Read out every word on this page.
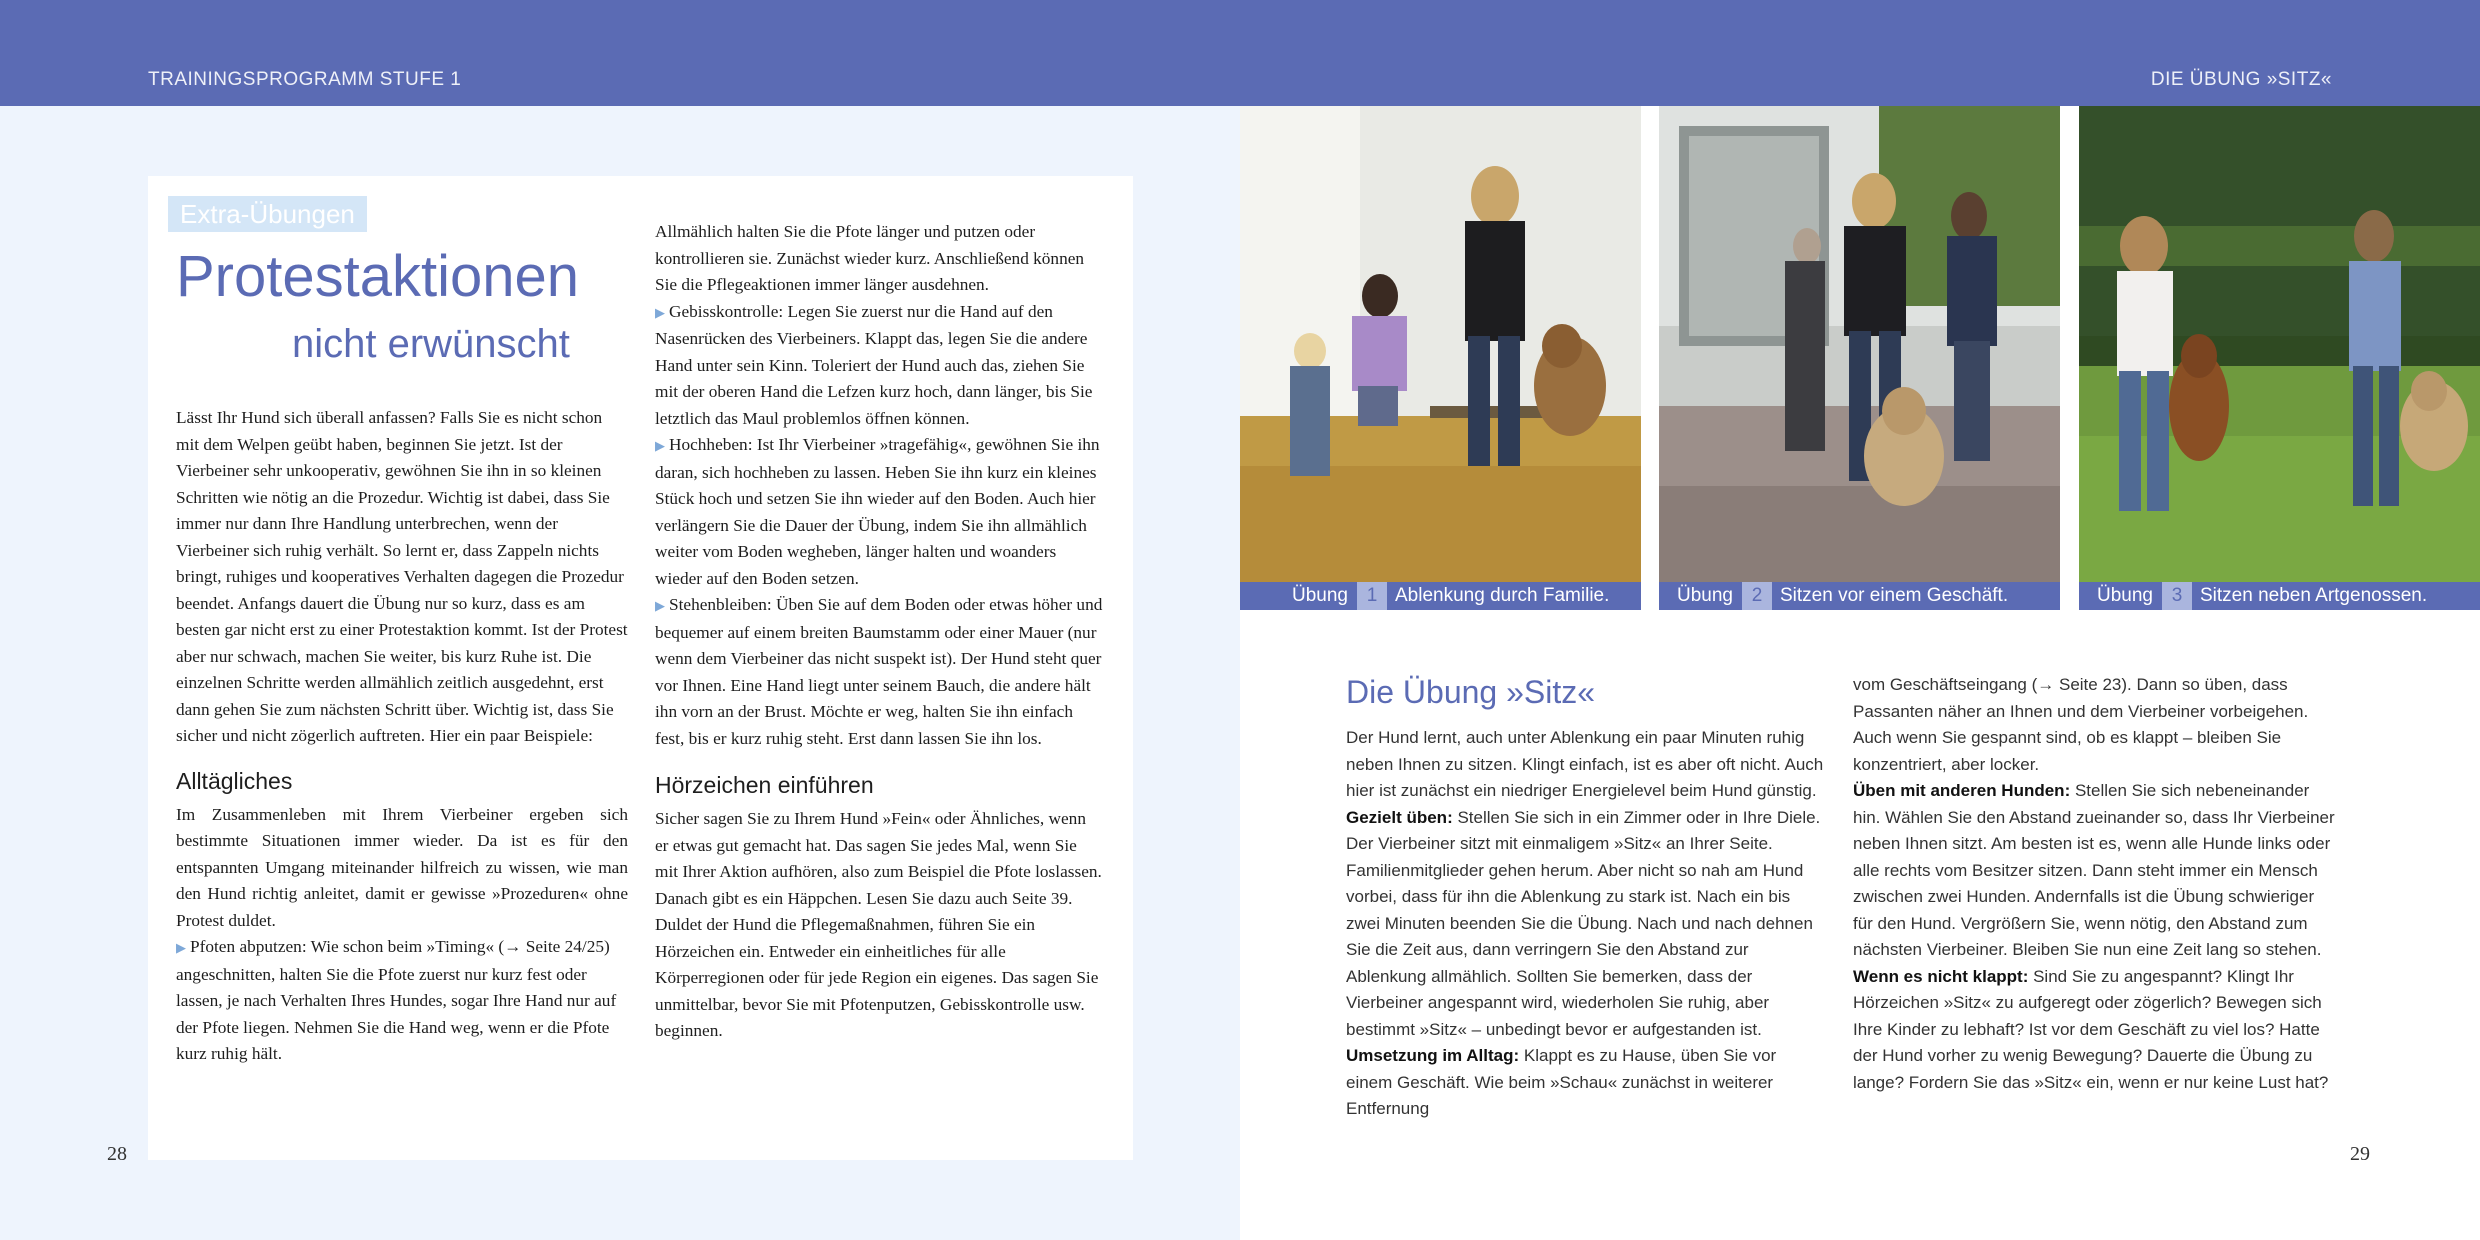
TRAININGSPROGRAMM STUFE 1	DIE ÜBUNG »SITZ«
Extra-Übungen
Protestaktionen
nicht erwünscht

Lässt Ihr Hund sich überall anfassen? Falls Sie es nicht schon mit dem Welpen geübt haben, beginnen Sie jetzt. Ist der Vierbeiner sehr unkooperativ, gewöhnen Sie ihn in so kleinen Schritten wie nötig an die Prozedur. Wichtig ist dabei, dass Sie immer nur dann Ihre Handlung unterbrechen, wenn der Vierbeiner sich ruhig verhält. So lernt er, dass Zappeln nichts bringt, ruhiges und kooperatives Verhalten dagegen die Prozedur beendet. Anfangs dauert die Übung nur so kurz, dass es am besten gar nicht erst zu einer Protestaktion kommt. Ist der Protest aber nur schwach, machen Sie weiter, bis kurz Ruhe ist. Die einzelnen Schritte werden allmählich zeitlich ausgedehnt, erst dann gehen Sie zum nächsten Schritt über. Wichtig ist, dass Sie sicher und nicht zögerlich auftreten. Hier ein paar Beispiele:

Alltägliches

Im Zusammenleben mit Ihrem Vierbeiner ergeben sich bestimmte Situationen immer wieder. Da ist es für den entspannten Umgang miteinander hilfreich zu wissen, wie man den Hund richtig anleitet, damit er gewisse »Prozeduren« ohne Protest duldet.

▶ Pfoten abputzen: Wie schon beim »Timing« (→ Seite 24/25) angeschnitten, halten Sie die Pfote zuerst nur kurz fest oder lassen, je nach Verhalten Ihres Hundes, sogar Ihre Hand nur auf der Pfote liegen. Nehmen Sie die Hand weg, wenn er die Pfote kurz ruhig hält.

Allmählich halten Sie die Pfote länger und putzen oder kontrollieren sie. Zunächst wieder kurz. Anschließend können Sie die Pflegeaktionen immer länger ausdehnen.

▶ Gebisskontrolle: Legen Sie zuerst nur die Hand auf den Nasenrücken des Vierbeiners. Klappt das, legen Sie die andere Hand unter sein Kinn. Toleriert der Hund auch das, ziehen Sie mit der oberen Hand die Lefzen kurz hoch, dann länger, bis Sie letztlich das Maul problemlos öffnen können.

▶ Hochheben: Ist Ihr Vierbeiner »tragefähig«, gewöhnen Sie ihn daran, sich hochheben zu lassen. Heben Sie ihn kurz ein kleines Stück hoch und setzen Sie ihn wieder auf den Boden. Auch hier verlängern Sie die Dauer der Übung, indem Sie ihn allmählich weiter vom Boden wegheben, länger halten und woanders wieder auf den Boden setzen.

▶ Stehenbleiben: Üben Sie auf dem Boden oder etwas höher und bequemer auf einem breiten Baumstamm oder einer Mauer (nur wenn dem Vierbeiner das nicht suspekt ist). Der Hund steht quer vor Ihnen. Eine Hand liegt unter seinem Bauch, die andere hält ihn vorn an der Brust. Möchte er weg, halten Sie ihn einfach fest, bis er kurz ruhig steht. Erst dann lassen Sie ihn los.

Hörzeichen einführen

Sicher sagen Sie zu Ihrem Hund »Fein« oder Ähnliches, wenn er etwas gut gemacht hat. Das sagen Sie jedes Mal, wenn Sie mit Ihrer Aktion aufhören, also zum Beispiel die Pfote loslassen. Danach gibt es ein Häppchen. Lesen Sie dazu auch Seite 39. Duldet der Hund die Pflegemaßnahmen, führen Sie ein Hörzeichen ein. Entweder ein einheitliches für alle Körperregionen oder für jede Region ein eigenes. Das sagen Sie unmittelbar, bevor Sie mit Pfotenputzen, Gebisskontrolle usw. beginnen.

28
Übung 1 Ablenkung durch Familie.	Übung 2 Sitzen vor einem Geschäft.	Übung 3 Sitzen neben Artgenossen.
Die Übung »Sitz«

Der Hund lernt, auch unter Ablenkung ein paar Minuten ruhig neben Ihnen zu sitzen. Klingt einfach, ist es aber oft nicht. Auch hier ist zunächst ein niedriger Energielevel beim Hund günstig.

Gezielt üben: Stellen Sie sich in ein Zimmer oder in Ihre Diele. Der Vierbeiner sitzt mit einmaligem »Sitz« an Ihrer Seite. Familienmitglieder gehen herum. Aber nicht so nah am Hund vorbei, dass für ihn die Ablenkung zu stark ist. Nach ein bis zwei Minuten beenden Sie die Übung. Nach und nach dehnen Sie die Zeit aus, dann verringern Sie den Abstand zur Ablenkung allmählich. Sollten Sie bemerken, dass der Vierbeiner angespannt wird, wiederholen Sie ruhig, aber bestimmt »Sitz« – unbedingt bevor er aufgestanden ist.

Umsetzung im Alltag: Klappt es zu Hause, üben Sie vor einem Geschäft. Wie beim »Schau« zunächst in weiterer Entfernung

vom Geschäftseingang (→ Seite 23). Dann so üben, dass Passanten näher an Ihnen und dem Vierbeiner vorbeigehen. Auch wenn Sie gespannt sind, ob es klappt – bleiben Sie konzentriert, aber locker.

Üben mit anderen Hunden: Stellen Sie sich nebeneinander hin. Wählen Sie den Abstand zueinander so, dass Ihr Vierbeiner neben Ihnen sitzt. Am besten ist es, wenn alle Hunde links oder alle rechts vom Besitzer sitzen. Dann steht immer ein Mensch zwischen zwei Hunden. Andernfalls ist die Übung schwieriger für den Hund. Vergrößern Sie, wenn nötig, den Abstand zum nächsten Vierbeiner. Bleiben Sie nun eine Zeit lang so stehen.

Wenn es nicht klappt: Sind Sie zu angespannt? Klingt Ihr Hörzeichen »Sitz« zu aufgeregt oder zögerlich? Bewegen sich Ihre Kinder zu lebhaft? Ist vor dem Geschäft zu viel los? Hatte der Hund vorher zu wenig Bewegung? Dauerte die Übung zu lange? Fordern Sie das »Sitz« ein, wenn er nur keine Lust hat?

29
